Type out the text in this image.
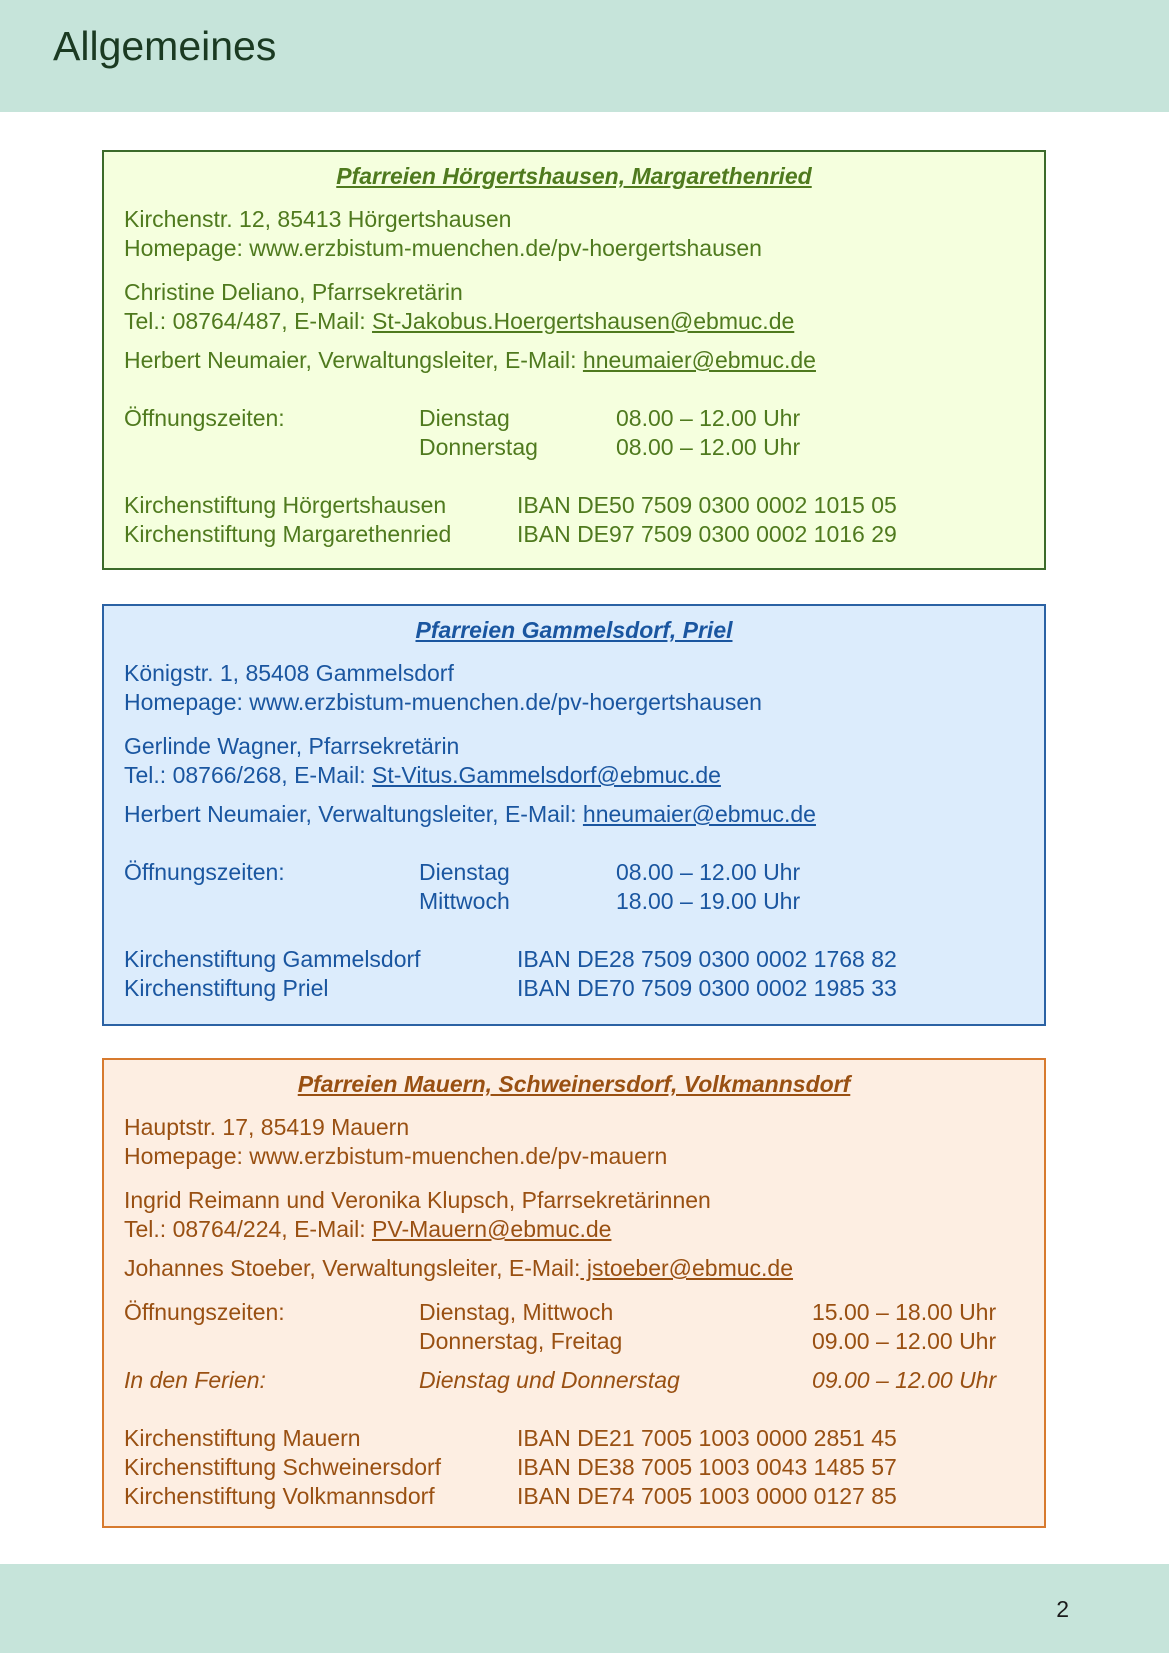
Allgemeines
Pfarreien Hörgertshausen, Margarethenried
Kirchenstr. 12, 85413 Hörgertshausen
Homepage: www.erzbistum-muenchen.de/pv-hoergertshausen
Christine Deliano, Pfarrsekretärin
Tel.: 08764/487, E-Mail: St-Jakobus.Hoergertshausen@ebmuc.de
Herbert Neumaier, Verwaltungsleiter, E-Mail: hneumaier@ebmuc.de
Öffnungszeiten:	Dienstag	08.00 – 12.00 Uhr
Donnerstag	08.00 – 12.00 Uhr
Kirchenstiftung Hörgertshausen	IBAN DE50 7509 0300 0002 1015 05
Kirchenstiftung Margarethenried	IBAN DE97 7509 0300 0002 1016 29
Pfarreien Gammelsdorf, Priel
Königstr. 1, 85408 Gammelsdorf
Homepage: www.erzbistum-muenchen.de/pv-hoergertshausen
Gerlinde Wagner, Pfarrsekretärin
Tel.: 08766/268, E-Mail: St-Vitus.Gammelsdorf@ebmuc.de
Herbert Neumaier, Verwaltungsleiter, E-Mail: hneumaier@ebmuc.de
Öffnungszeiten:	Dienstag	08.00 – 12.00 Uhr
Mittwoch	18.00 – 19.00 Uhr
Kirchenstiftung Gammelsdorf	IBAN DE28 7509 0300 0002 1768 82
Kirchenstiftung Priel	IBAN DE70 7509 0300 0002 1985 33
Pfarreien Mauern, Schweinersdorf, Volkmannsdorf
Hauptstr. 17, 85419 Mauern
Homepage: www.erzbistum-muenchen.de/pv-mauern
Ingrid Reimann und Veronika Klupsch, Pfarrsekretärinnen
Tel.: 08764/224, E-Mail: PV-Mauern@ebmuc.de
Johannes Stoeber, Verwaltungsleiter, E-Mail: jstoeber@ebmuc.de
Öffnungszeiten:	Dienstag, Mittwoch	15.00 – 18.00 Uhr
Donnerstag, Freitag	09.00 – 12.00 Uhr
In den Ferien:	Dienstag und Donnerstag	09.00 – 12.00 Uhr
Kirchenstiftung Mauern	IBAN DE21 7005 1003 0000 2851 45
Kirchenstiftung Schweinersdorf	IBAN DE38 7005 1003 0043 1485 57
Kirchenstiftung Volkmannsdorf	IBAN DE74 7005 1003 0000 0127 85
2
